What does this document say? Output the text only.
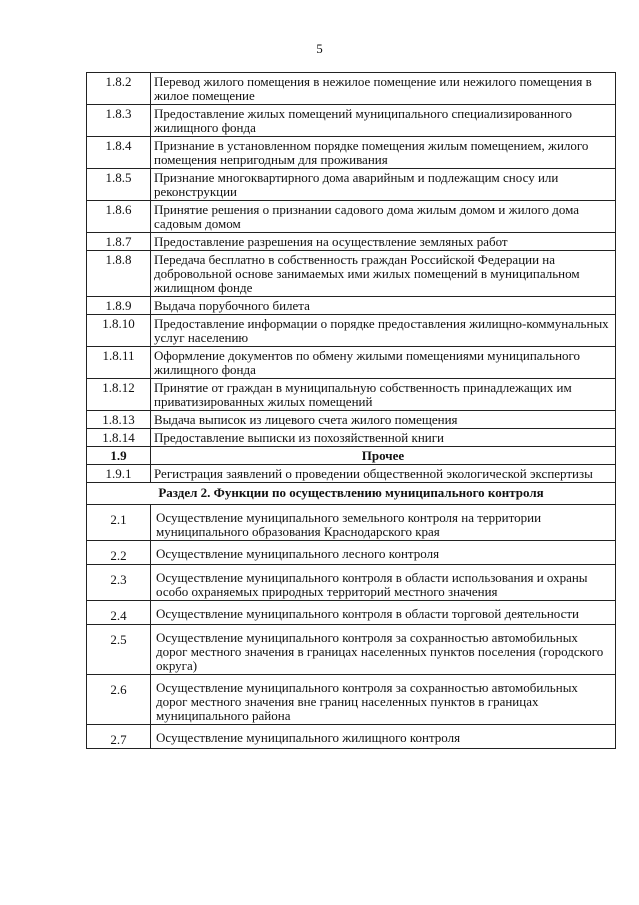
5
1.8.2	Перевод жилого помещения в нежилое помещение или нежилого помещения в жилое помещение
1.8.3	Предоставление жилых помещений муниципального специализированного жилищного фонда
1.8.4	Признание в установленном порядке помещения жилым помещением, жилого помещения непригодным для проживания
1.8.5	Признание многоквартирного дома аварийным и подлежащим сносу или реконструкции
1.8.6	Принятие решения о признании садового дома жилым домом и жилого дома садовым домом
1.8.7	Предоставление разрешения на осуществление земляных работ
1.8.8	Передача бесплатно в собственность граждан Российской Федерации на добровольной основе занимаемых ими жилых помещений в муниципальном жилищном фонде
1.8.9	Выдача порубочного билета
1.8.10	Предоставление информации о порядке предоставления жилищно-коммунальных услуг населению
1.8.11	Оформление документов по обмену жилыми помещениями муниципального жилищного фонда
1.8.12	Принятие от граждан в муниципальную собственность принадлежащих им приватизированных жилых помещений
1.8.13	Выдача выписок из лицевого счета жилого помещения
1.8.14	Предоставление выписки из похозяйственной книги
1.9	Прочее
1.9.1	Регистрация заявлений о проведении общественной экологической экспертизы
Раздел 2. Функции по осуществлению муниципального контроля	
2.1	Осуществление муниципального земельного контроля на территории муниципального образования Краснодарского края
2.2	Осуществление муниципального лесного контроля
2.3	Осуществление муниципального контроля в области использования и охраны особо охраняемых природных территорий местного значения
2.4	Осуществление муниципального контроля в области торговой деятельности
2.5	Осуществление муниципального контроля за сохранностью автомобильных дорог местного значения в границах населенных пунктов поселения (городского округа)
2.6	Осуществление муниципального контроля за сохранностью автомобильных дорог местного значения вне границ населенных пунктов в границах муниципального района
2.7	Осуществление муниципального жилищного контроля
